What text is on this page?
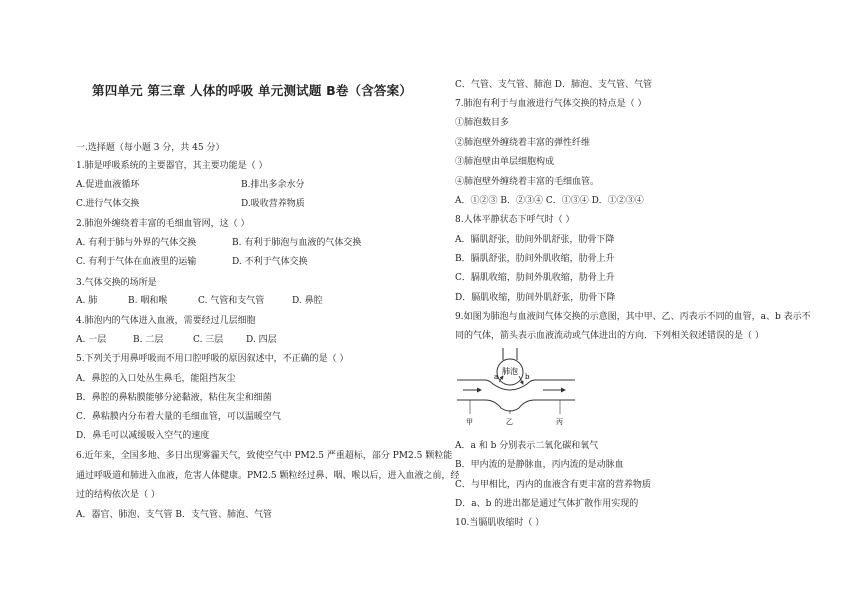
第四单元 第三章 人体的呼吸 单元测试题 B卷（含答案）
一.选择题（每小题 3 分，共 45 分）
1.肺是呼吸系统的主要器官，其主要功能是（ ）
A.促进血液循环	B.排出多余水分
C.进行气体交换	D.吸收营养物质
2.肺泡外缠绕着丰富的毛细血管网，这（ ）
A. 有利于肺与外界的气体交换	B. 有利于肺泡与血液的气体交换
C. 有利于气体在血液里的运输	D. 不利于气体交换
3.气体交换的场所是
A. 肺	B. 咽和喉	C. 气管和支气管	D. 鼻腔
4.肺泡内的气体进入血液，需要经过几层细胞
A. 一层	B. 二层	C. 三层	D. 四层
5.下列关于用鼻呼吸而不用口腔呼吸的原因叙述中，不正确的是（ ）
A．鼻腔的入口处丛生鼻毛，能阻挡灰尘
B．鼻腔的鼻粘膜能够分泌黏液，粘住灰尘和细菌
C．鼻粘膜内分布着大量的毛细血管，可以温暖空气
D．鼻毛可以减缓吸入空气的速度
6.近年来，全国多地、多日出现雾霾天气，致使空气中 PM2.5 严重超标，部分 PM2.5 颗粒能
通过呼吸道和肺进入血液，危害人体健康。PM2.5 颗粒经过鼻、咽、喉以后，进入血液之前，经
过的结构依次是（ ）
A．器官、肺泡、支气管 B．支气管、肺泡、气管
C．气管、支气管、肺泡 D．肺泡、支气管、气管
7.肺泡有利于与血液进行气体交换的特点是（ ）
①肺泡数目多
②肺泡壁外缠绕着丰富的弹性纤维
③肺泡壁由单层细胞构成
④肺泡壁外缠绕着丰富的毛细血管。
A．①②③ B．②③④ C．①③④ D．①②③④
8.人体平静状态下呼气时（ ）
A．膈肌舒张，肋间外肌舒张，肋骨下降
B．膈肌舒张，肋间外肌收缩，肋骨上升
C．膈肌收缩，肋间外肌收缩，肋骨上升
D．膈肌收缩，肋间外肌舒张，肋骨下降
9.如图为肺泡与血液间气体交换的示意图，其中甲、乙、丙表示不同的血管，a、b 表示不
同的气体，箭头表示血液流动或气体进出的方向．下列相关叙述错误的是（ ）
肺泡
a	b
甲	乙	丙
A．a 和 b 分别表示二氧化碳和氧气
B．甲内流的是静脉血，丙内流的是动脉血
C．与甲相比，丙内的血液含有更丰富的营养物质
D．a、b 的进出都是通过气体扩散作用实现的
10.当膈肌收缩时（ ）
